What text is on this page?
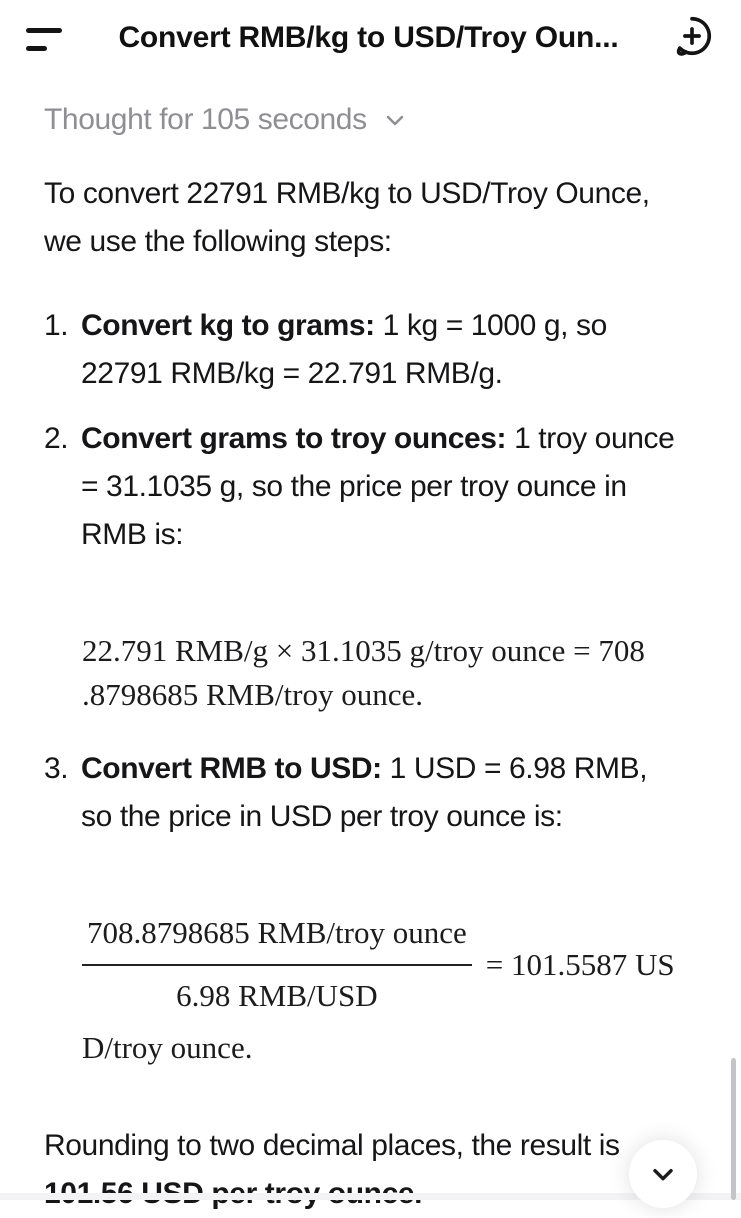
Convert RMB/kg to USD/Troy Oun...
Thought for 105 seconds
To convert 22791 RMB/kg to USD/Troy Ounce,
we use the following steps:
1. Convert kg to grams: 1 kg = 1000 g, so
22791 RMB/kg = 22.791 RMB/g.
2. Convert grams to troy ounces: 1 troy ounce
= 31.1035 g, so the price per troy ounce in
RMB is:
22.791 RMB/g × 31.1035 g/troy ounce = 708
.8798685 RMB/troy ounce.
3. Convert RMB to USD: 1 USD = 6.98 RMB,
so the price in USD per troy ounce is:
$\frac{\text{708.8798685 RMB/troy ounce}}{\text{6.98 RMB/USD}} = 101.5587$ US
D/troy ounce.
Rounding to two decimal places, the result is
